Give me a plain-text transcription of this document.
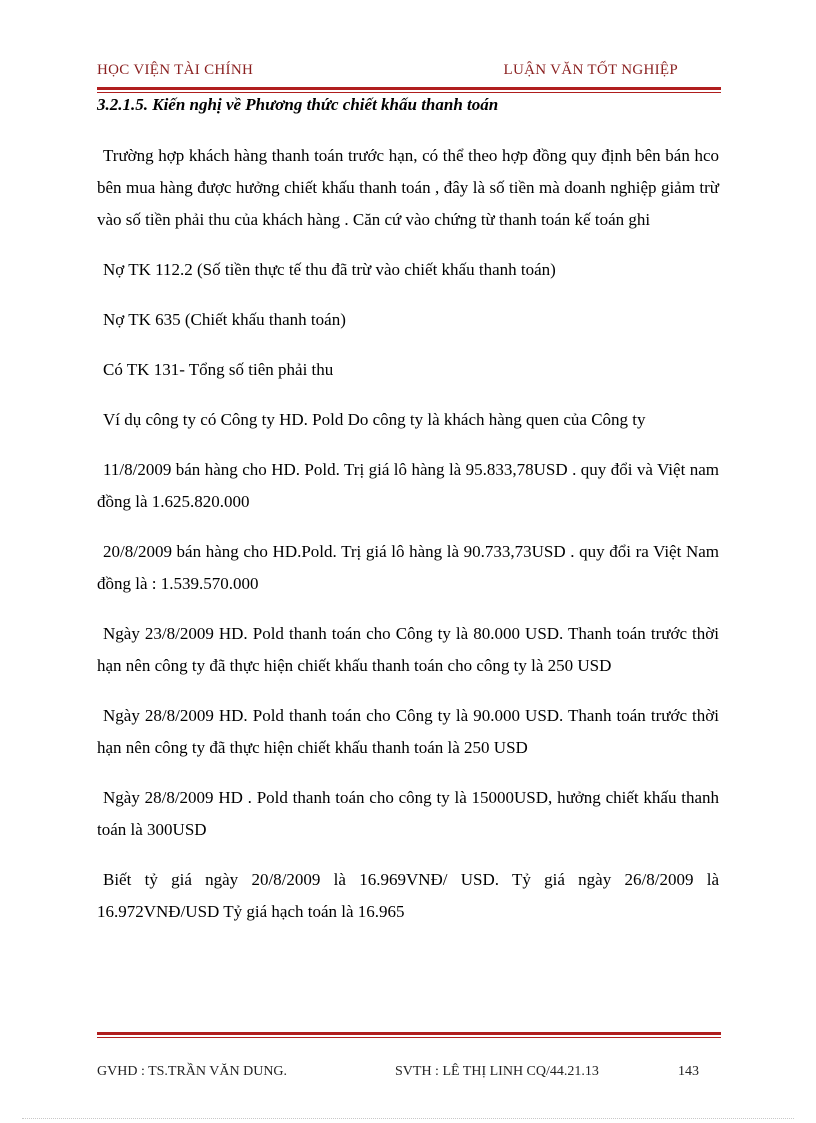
HỌC VIỆN TÀI CHÍNH	LUẬN VĂN TỐT NGHIỆP
3.2.1.5. Kiến nghị về Phương thức chiết khấu thanh toán

Trường hợp khách hàng thanh toán trước hạn, có thể theo hợp đồng quy định bên bán hco bên mua hàng được hưởng chiết khấu thanh toán , đây là số tiền mà doanh nghiệp giảm trừ vào số tiền phải thu của khách hàng . Căn cứ vào chứng từ thanh toán kế toán ghi

Nợ TK 112.2 (Số tiền thực tế thu đã trừ vào chiết khấu thanh toán)

Nợ TK 635 (Chiết khấu thanh toán)

Có TK 131- Tổng số tiên phải thu

Ví dụ công ty có Công ty HD. Pold Do công ty là khách hàng quen của Công ty

11/8/2009 bán hàng cho HD. Pold. Trị giá lô hàng là 95.833,78USD . quy đổi và Việt nam đồng là 1.625.820.000

20/8/2009 bán hàng cho HD.Pold. Trị giá lô hàng là 90.733,73USD . quy đổi ra Việt Nam đồng là : 1.539.570.000

Ngày 23/8/2009 HD. Pold thanh toán cho Công ty là 80.000 USD. Thanh toán trước thời hạn nên công ty đã thực hiện chiết khấu thanh toán cho công ty là 250 USD

Ngày 28/8/2009 HD. Pold thanh toán cho Công ty là 90.000 USD. Thanh toán trước thời hạn nên công ty đã thực hiện chiết khấu thanh toán là 250 USD

Ngày 28/8/2009 HD . Pold thanh toán cho công ty là 15000USD, hưởng chiết khấu thanh toán là 300USD

Biết tỷ giá ngày 20/8/2009 là 16.969VNĐ/ USD. Tỷ giá ngày 26/8/2009 là 16.972VNĐ/USD Tỷ giá hạch toán là 16.965

GVHD : TS.TRẦN VĂN DUNG.	SVTH : LÊ THỊ LINH CQ/44.21.13	143
